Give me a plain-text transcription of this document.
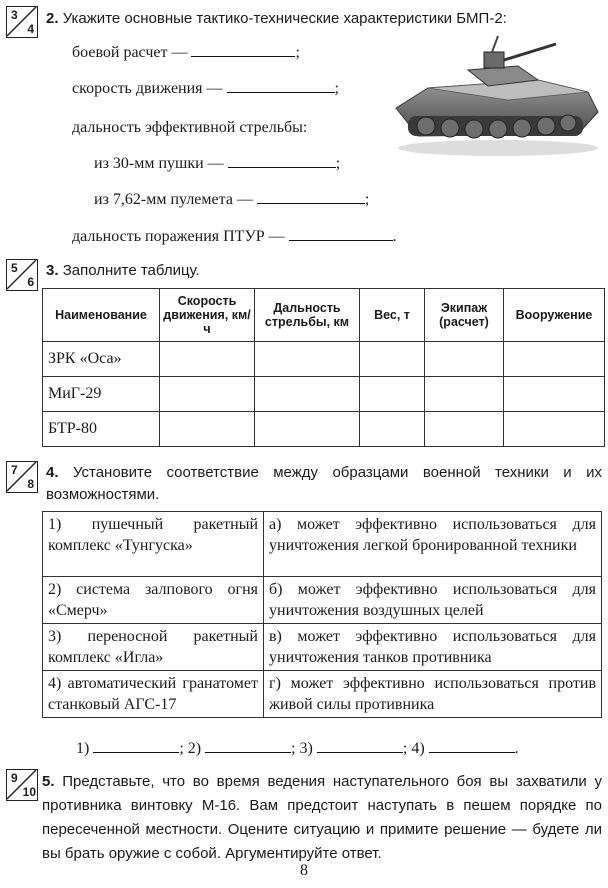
3
4
2. Укажите основные тактико-технические характеристики БМП-2:
боевой расчет —	;
скорость движения —	;
дальность эффективной стрельбы:
из 30-мм пушки —	;
из 7,62-мм пулемета —	;
дальность поражения ПТУР —	.
5
6
3. Заполните таблицу.
Наименование	Скорость движения, км/ч	Дальность стрельбы, км	Вес, т	Экипаж (расчет)	Вооружение
ЗРК «Оса»					
МиГ-29					
БТР-80					
7
8
4. Установите соответствие между образцами военной техники и их возможностями.
1) пушечный ракетный комплекс «Тунгуска»	а) может эффективно использоваться для уничтожения легкой бронированной техники
2) система залпового огня «Смерч»	б) может эффективно использоваться для уничтожения воздушных целей
3) переносной ракетный комплекс «Игла»	в) может эффективно использоваться для уничтожения танков противника
4) автоматический гранатомет станковый АГС-17	г) может эффективно использоваться против живой силы противника
1)	; 2)	; 3)	; 4)	.
9
10
5. Представьте, что во время ведения наступательного боя вы захватили у противника винтовку М-16. Вам предстоит наступать в пешем порядке по пересеченной местности. Оцените ситуацию и примите решение — будете ли вы брать оружие с собой. Аргументируйте ответ.
8
